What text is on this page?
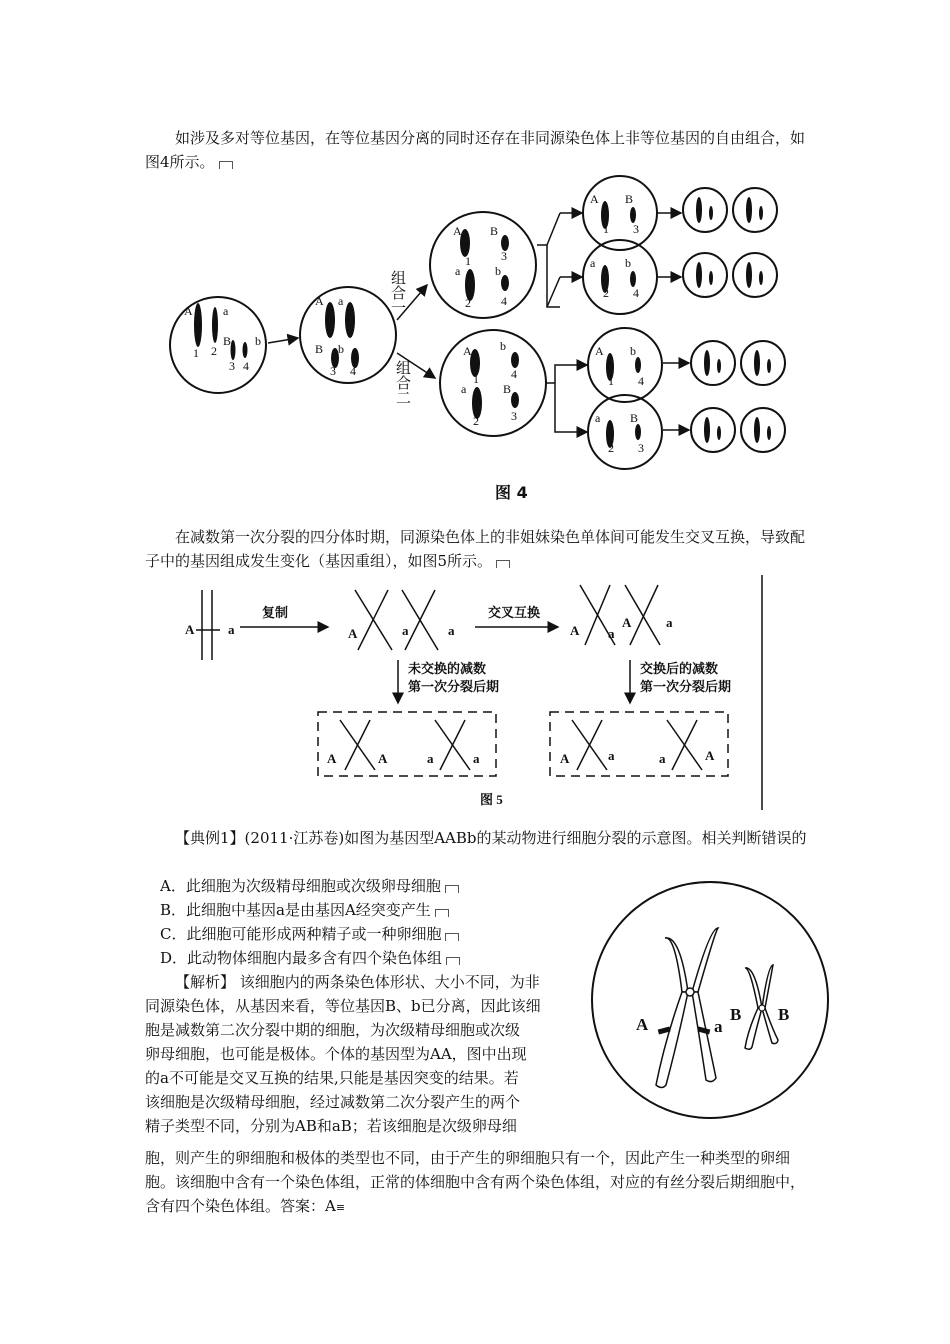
如涉及多对等位基因，在等位基因分离的同时还存在非同源染色体上非等位基因的自由组合，如图4所示。

A	a
B b
1 2
3 4
A a
B b
3 4
A B
a	b
1	3
2	4
A b
a	B
1	4
2	3
A B
a b
A b
a B
1 3
2 4
1 4
2 3
组合一
组合二
图 4

在减数第一次分裂的四分体时期，同源染色体上的非姐妹染色单体间可能发生交叉互换，导致配子中的基因组成发生变化（基因重组），如图5所示。

A	a	A	a	a	A a
A	a
A	A	a	a	A	a	a	A
复制	交叉互换
未交换的减数
第一次分裂后期
交换后的减数
第一次分裂后期
图 5

【典例1】(2011·江苏卷)如图为基因型AABb的某动物进行细胞分裂的示意图。相关判断错误的

A．此细胞为次级精母细胞或次级卵母细胞

B．此细胞中基因a是由基因A经突变产生

C．此细胞可能形成两种精子或一种卵细胞

D．此动物体细胞内最多含有四个染色体组

【解析】 该细胞内的两条染色体形状、大小不同，为非
同源染色体，从基因来看，等位基因B、b已分离，因此该细
胞是减数第二次分裂中期的细胞，为次级精母细胞或次级
卵母细胞，也可能是极体。个体的基因型为AA，图中出现
的a不可能是交叉互换的结果,只能是基因突变的结果。若
该细胞是次级精母细胞，经过减数第二次分裂产生的两个
精子类型不同，分别为AB和aB；若该细胞是次级卵母细

胞，则产生的卵细胞和极体的类型也不同，由于产生的卵细胞只有一个，因此产生一种类型的卵细胞。该细胞中含有一个染色体组，正常的体细胞中含有两个染色体组，对应的有丝分裂后期细胞中，含有四个染色体组。答案：A≡

A	a
B B
